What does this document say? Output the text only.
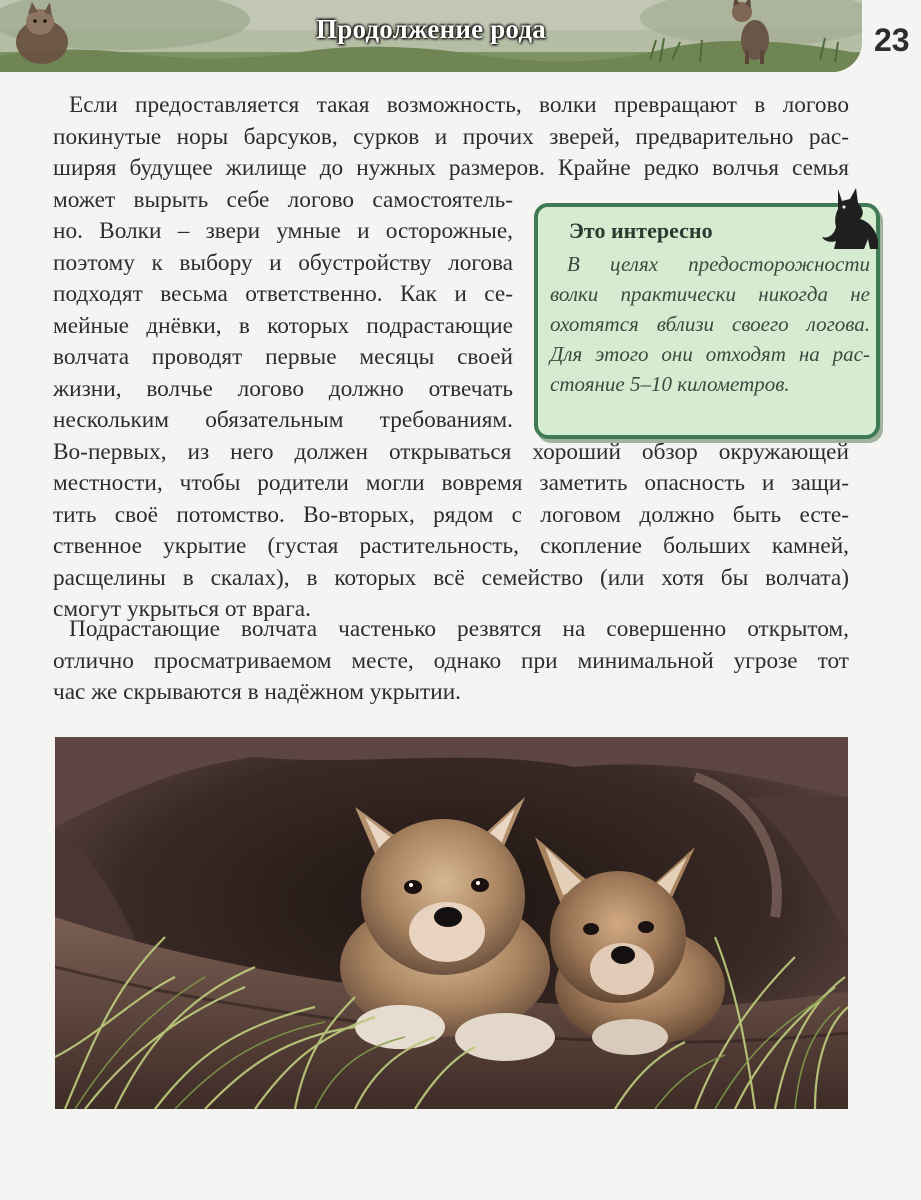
Продолжение рода	23
Если предоставляется такая возможность, волки превращают в логово
покинутые норы барсуков, сурков и прочих зверей, предварительно рас-
ширяя будущее жилище до нужных размеров. Крайне редко волчья семья
может вырыть себе логово самостоятель-
но. Волки – звери умные и осторожные,
поэтому к выбору и обустройству логова
подходят весьма ответственно. Как и се-
мейные днёвки, в которых подрастающие
волчата проводят первые месяцы своей
жизни, волчье логово должно отвечать
нескольким обязательным требованиям.
Во-первых, из него должен открываться хороший обзор окружающей
местности, чтобы родители могли вовремя заметить опасность и защи-
тить своё потомство. Во-вторых, рядом с логовом должно быть есте-
ственное укрытие (густая растительность, скопление больших камней,
расщелины в скалах), в которых всё семейство (или хотя бы волчата)
смогут укрыться от врага.
Подрастающие волчата частенько резвятся на совершенно открытом,
отлично просматриваемом месте, однако при минимальной угрозе тот
час же скрываются в надёжном укрытии.
Это интересно
В целях предосторожности
волки практически никогда не
охотятся вблизи своего логова.
Для этого они отходят на рас-
стояние 5–10 километров.
